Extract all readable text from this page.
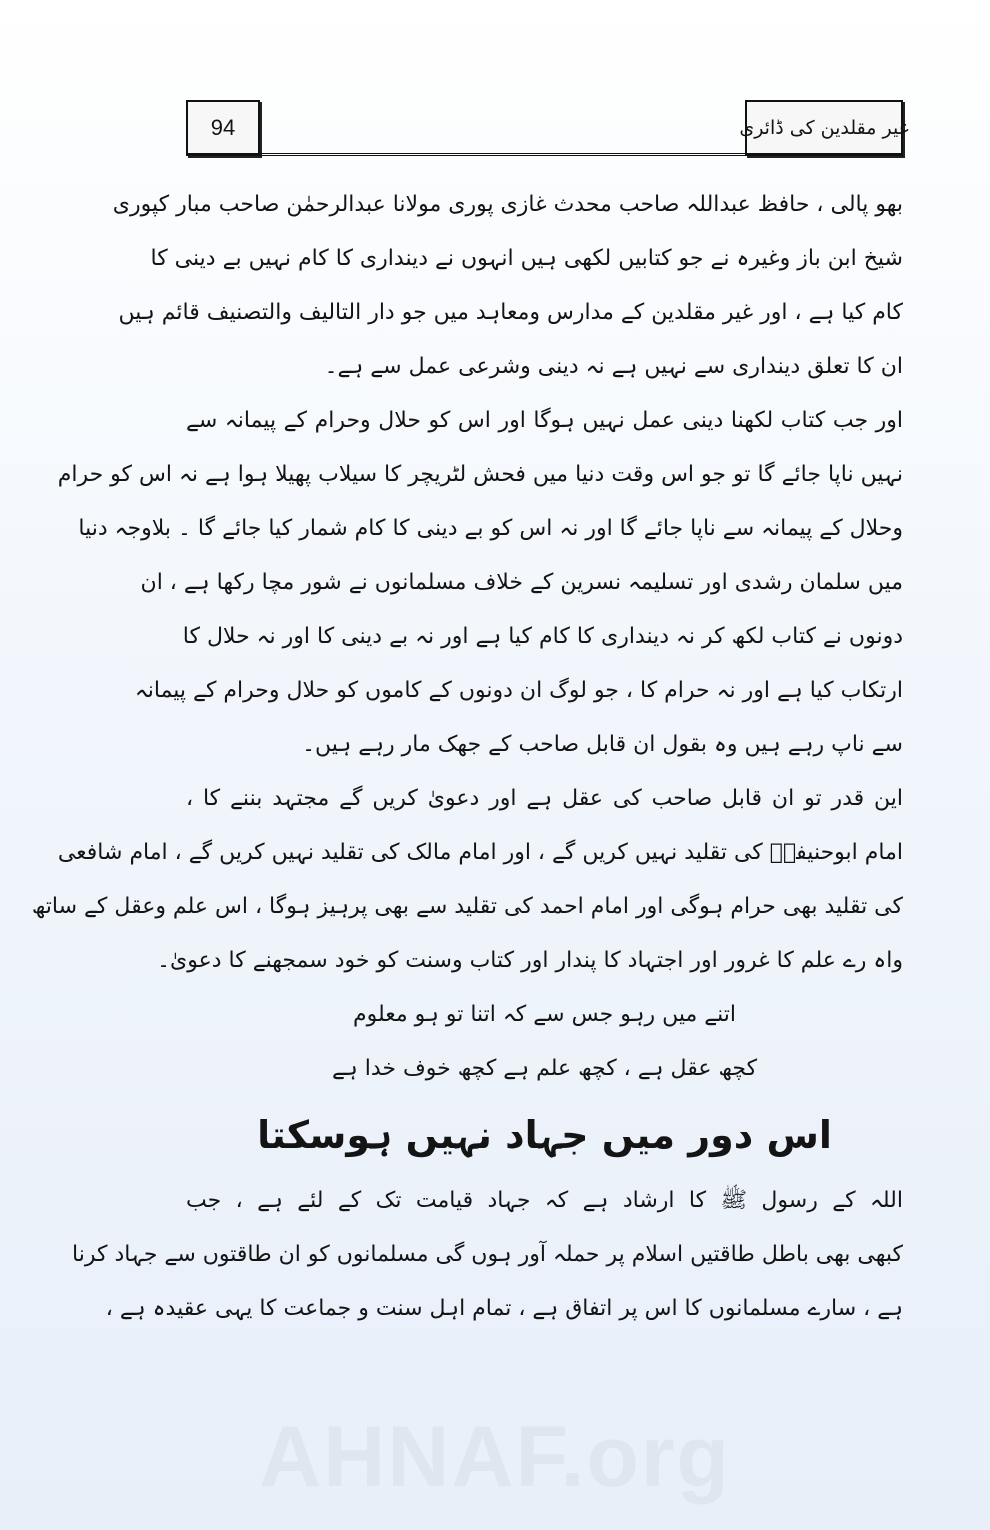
94	غیر مقلدین کی ڈائری
بھو پالی ، حافظ عبداللہ صاحب محدث غازی پوری مولانا عبدالرحمٰن صاحب مبار کپوری
شیخ ابن باز وغیرہ نے جو کتابیں لکھی ہیں انہوں نے دینداری کا کام نہیں بے دینی کا
کام کیا ہے ، اور غیر مقلدین کے مدارس ومعاہد میں جو دار التالیف والتصنیف قائم ہیں
ان کا تعلق دینداری سے نہیں ہے نہ دینی وشرعی عمل سے ہے۔
اور جب کتاب لکھنا دینی عمل نہیں ہوگا اور اس کو حلال وحرام کے پیمانہ سے
نہیں ناپا جائے گا تو جو اس وقت دنیا میں فحش لٹریچر کا سیلاب پھیلا ہوا ہے نہ اس کو حرام
وحلال کے پیمانہ سے ناپا جائے گا اور نہ اس کو بے دینی کا کام شمار کیا جائے گا ۔ بلاوجہ دنیا
میں سلمان رشدی اور تسلیمہ نسرین کے خلاف مسلمانوں نے شور مچا رکھا ہے ، ان
دونوں نے کتاب لکھ کر نہ دینداری کا کام کیا ہے اور نہ بے دینی کا اور نہ حلال کا
ارتکاب کیا ہے اور نہ حرام کا ، جو لوگ ان دونوں کے کاموں کو حلال وحرام کے پیمانہ
سے ناپ رہے ہیں وہ بقول ان قابل صاحب کے جھک مار رہے ہیں۔
این قدر تو ان قابل صاحب کی عقل ہے اور دعویٰ کریں گے مجتہد بننے کا ،
امام ابوحنیفہؒ کی تقلید نہیں کریں گے ، اور امام مالک کی تقلید نہیں کریں گے ، امام شافعی
کی تقلید بھی حرام ہوگی اور امام احمد کی تقلید سے بھی پرہیز ہوگا ، اس علم وعقل کے ساتھ
واہ رے علم کا غرور اور اجتہاد کا پندار اور کتاب وسنت کو خود سمجھنے کا دعویٰ۔
اتنے میں رہو جس سے کہ اتنا تو ہو معلوم
کچھ عقل ہے ، کچھ علم ہے کچھ خوف خدا ہے
اس دور میں جہاد نہیں ہوسکتا
اللہ کے رسول ﷺ کا ارشاد ہے کہ جہاد قیامت تک کے لئے ہے ، جب
کبھی بھی باطل طاقتیں اسلام پر حملہ آور ہوں گی مسلمانوں کو ان طاقتوں سے جہاد کرنا
ہے ، سارے مسلمانوں کا اس پر اتفاق ہے ، تمام اہل سنت و جماعت کا یہی عقیدہ ہے ،
AHNAF.org
